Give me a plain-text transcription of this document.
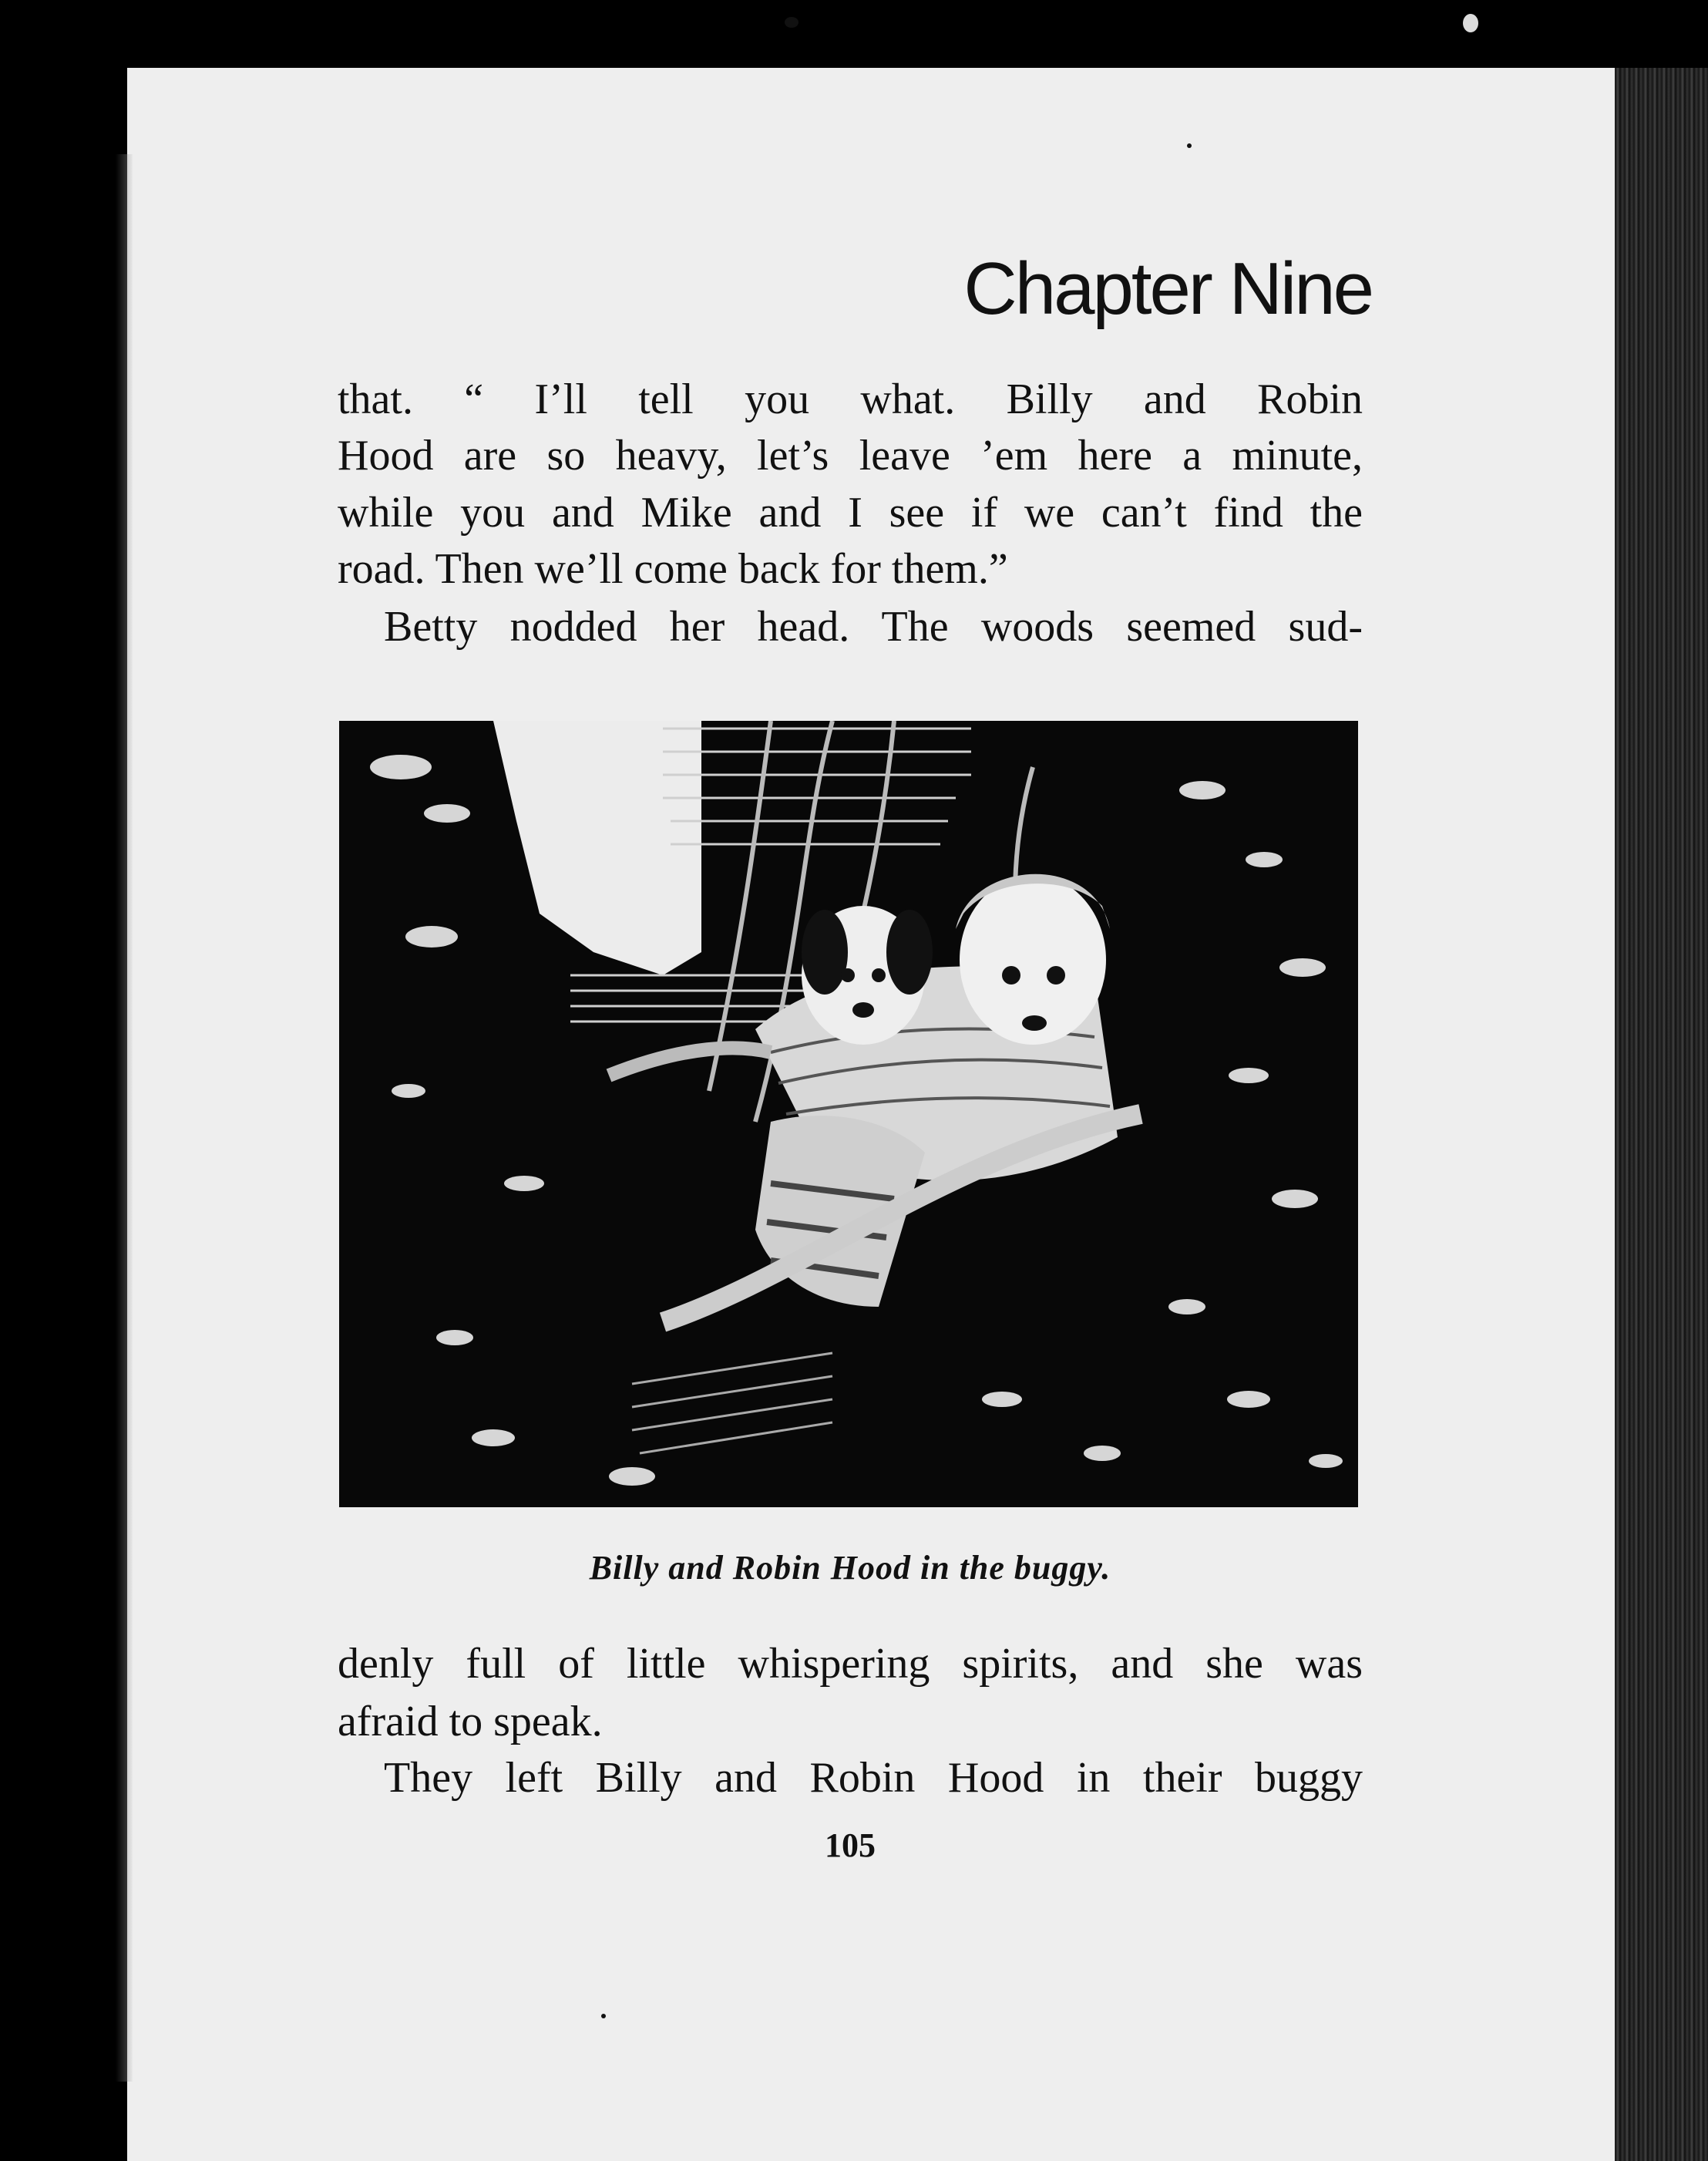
Chapter Nine
that. “ I’ll tell you what. Billy and Robin
Hood are so heavy, let’s leave ’em here a minute,
while you and Mike and I see if we can’t find the
road. Then we’ll come back for them.”
Betty nodded her head. The woods seemed sud-
Billy and Robin Hood in the buggy.
denly full of little whispering spirits, and she was
afraid to speak.
They left Billy and Robin Hood in their buggy
105
